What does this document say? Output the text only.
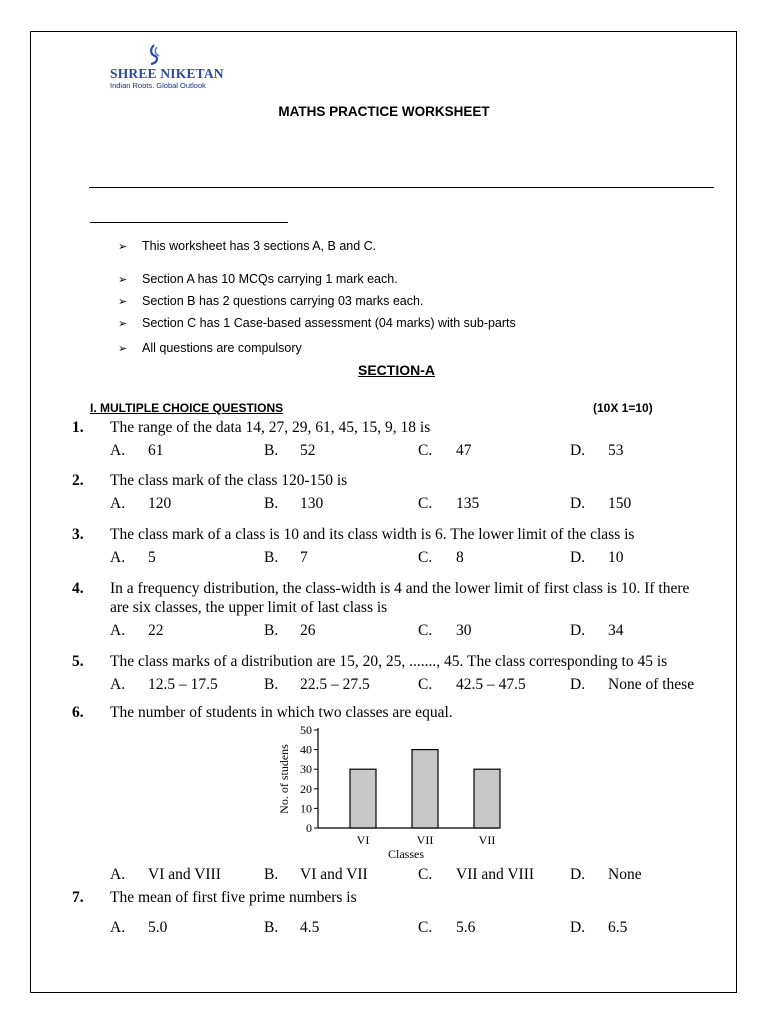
SHREE NIKETAN
Indian Roots. Global Outlook
MATHS PRACTICE WORKSHEET
➢ This worksheet has 3 sections A, B and C.
➢ Section A has 10 MCQs carrying 1 mark each.
➢ Section B has 2 questions carrying 03 marks each.
➢ Section C has 1 Case-based assessment (04 marks) with sub-parts
➢ All questions are compulsory
SECTION-A
I. MULTIPLE CHOICE QUESTIONS	(10X 1=10)
1. The range of the data 14, 27, 29, 61, 45, 15, 9, 18 is
A. 61	B. 52	C. 47	D. 53
2. The class mark of the class 120-150 is
A. 120	B. 130	C. 135	D. 150
3. The class mark of a class is 10 and its class width is 6. The lower limit of the class is
A. 5	B. 7	C. 8	D. 10
4. In a frequency distribution, the class-width is 4 and the lower limit of first class is 10. If there
are six classes, the upper limit of last class is
A. 22	B. 26	C. 30	D. 34
5. The class marks of a distribution are 15, 20, 25, ......., 45. The class corresponding to 45 is
A. 12.5 – 17.5	B. 22.5 – 27.5	C. 42.5 – 47.5	D. None of these
6. The number of students in which two classes are equal.
0
10
20
30
40
50
No. of studens
VI	VII	VII
Classes
A. VI and VIII	B. VI and VII	C. VII and VIII D. None
7. The mean of first five prime numbers is
A. 5.0	B. 4.5	C. 5.6	D. 6.5
